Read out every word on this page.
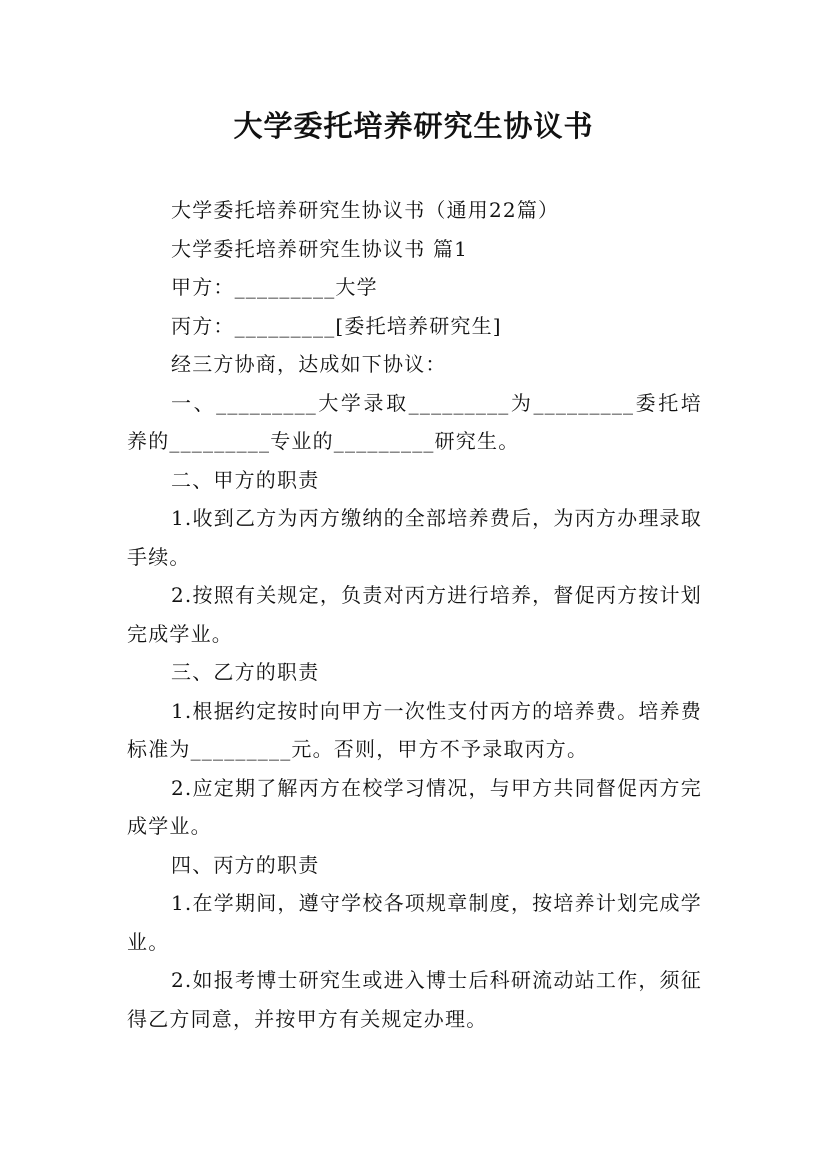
大学委托培养研究生协议书

大学委托培养研究生协议书（通用22篇）

大学委托培养研究生协议书 篇1

甲方：_________大学

丙方：_________[委托培养研究生]

经三方协商，达成如下协议：

一、_________大学录取_________为_________委托培养的_________专业的_________研究生。

二、甲方的职责

1.收到乙方为丙方缴纳的全部培养费后，为丙方办理录取手续。

2.按照有关规定，负责对丙方进行培养，督促丙方按计划完成学业。

三、乙方的职责

1.根据约定按时向甲方一次性支付丙方的培养费。培养费标准为_________元。否则，甲方不予录取丙方。

2.应定期了解丙方在校学习情况，与甲方共同督促丙方完成学业。

四、丙方的职责

1.在学期间，遵守学校各项规章制度，按培养计划完成学业。

2.如报考博士研究生或进入博士后科研流动站工作，须征得乙方同意，并按甲方有关规定办理。
